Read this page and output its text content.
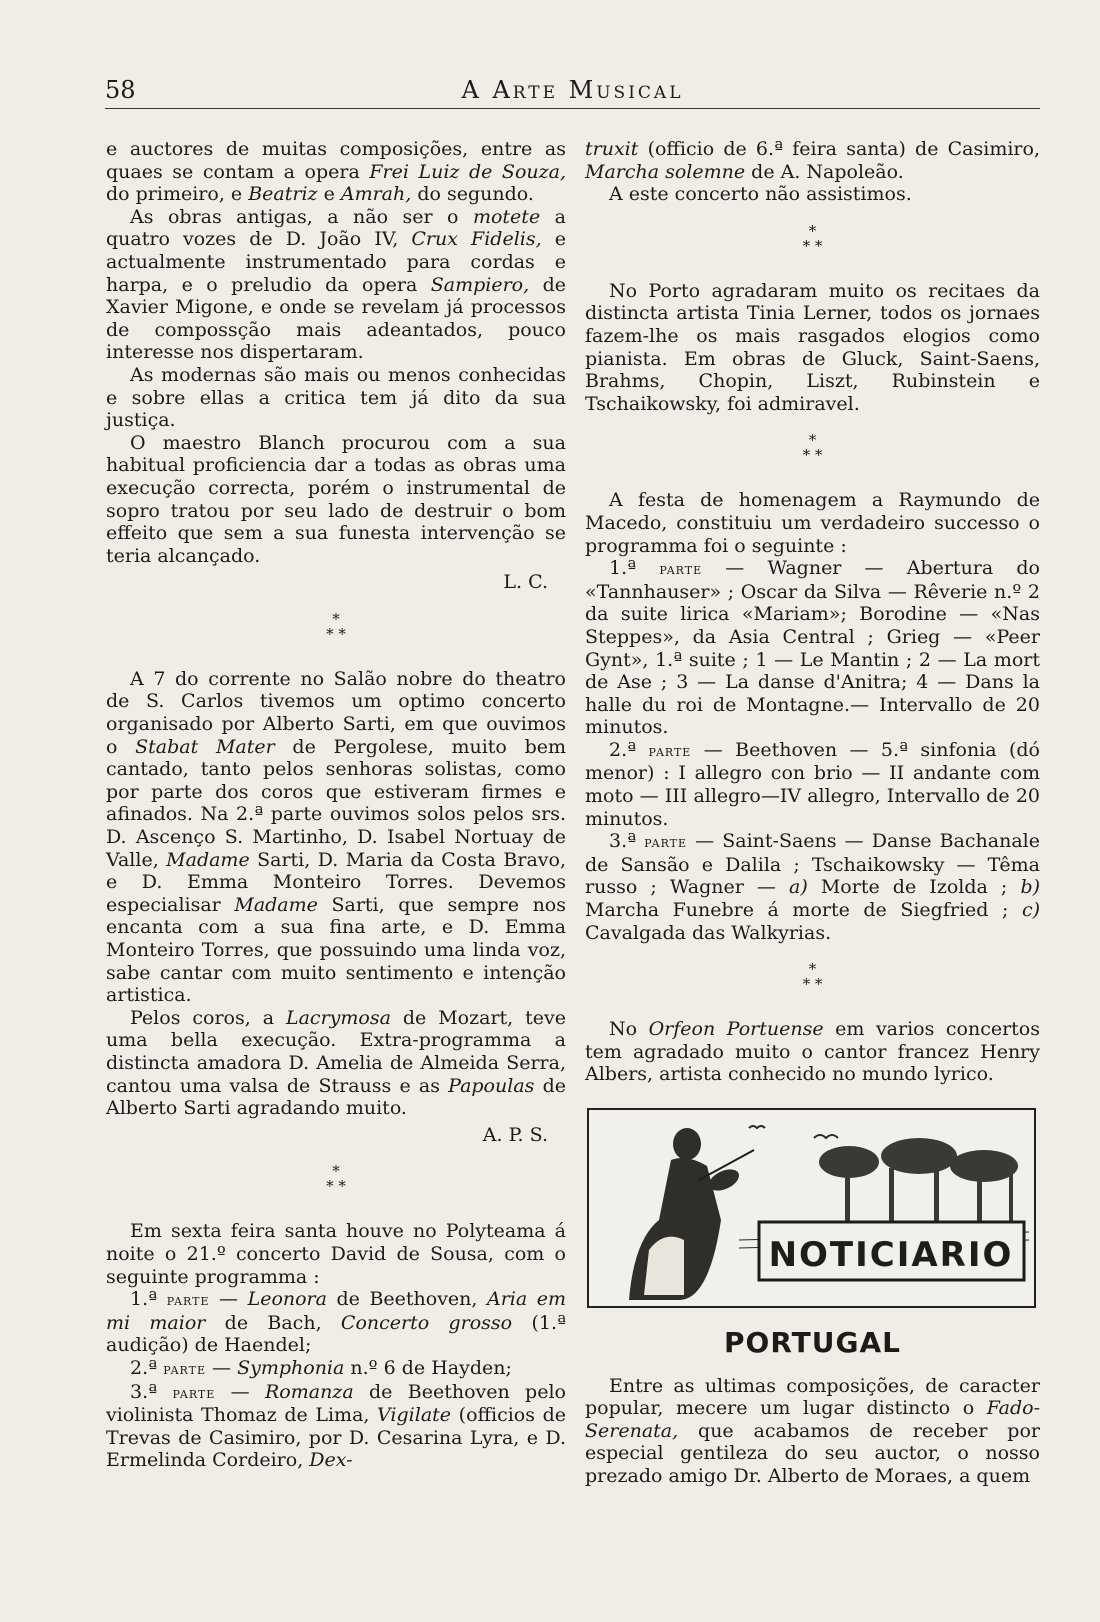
58	A Arte Musical

e auctores de muitas composições, entre as quaes se contam a opera Frei Luiz de Souza, do primeiro, e Beatriz e Amrah, do segundo.

As obras antigas, a não ser o motete a quatro vozes de D. João IV, Crux Fidelis, e actualmente instrumentado para cordas e harpa, e o preludio da opera Sampiero, de Xavier Migone, e onde se revelam já processos de compossção mais adeantados, pouco interesse nos dispertaram.

As modernas são mais ou menos conhecidas e sobre ellas a critica tem já dito da sua justiça.

O maestro Blanch procurou com a sua habitual proficiencia dar a todas as obras uma execução correcta, porém o instrumental de sopro tratou por seu lado de destruir o bom effeito que sem a sua funesta intervenção se teria alcançado.

L. C.

*
* *

A 7 do corrente no Salão nobre do theatro de S. Carlos tivemos um optimo concerto organisado por Alberto Sarti, em que ouvimos o Stabat Mater de Pergolese, muito bem cantado, tanto pelos senhoras solistas, como por parte dos coros que estiveram firmes e afinados. Na 2.ª parte ouvimos solos pelos srs. D. Ascenço S. Martinho, D. Isabel Nortuay de Valle, Madame Sarti, D. Maria da Costa Bravo, e D. Emma Monteiro Torres. Devemos especialisar Madame Sarti, que sempre nos encanta com a sua fina arte, e D. Emma Monteiro Torres, que possuindo uma linda voz, sabe cantar com muito sentimento e intenção artistica.

Pelos coros, a Lacrymosa de Mozart, teve uma bella execução. Extra-programma a distincta amadora D. Amelia de Almeida Serra, cantou uma valsa de Strauss e as Papoulas de Alberto Sarti agradando muito.

A. P. S.

*
* *

Em sexta feira santa houve no Polyteama á noite o 21.º concerto David de Sousa, com o seguinte programma :

1.ª parte — Leonora de Beethoven, Aria em mi maior de Bach, Concerto grosso (1.ª audição) de Haendel;

2.ª parte — Symphonia n.º 6 de Hayden;

3.ª parte — Romanza de Beethoven pelo violinista Thomaz de Lima, Vigilate (officios de Trevas de Casimiro, por D. Cesarina Lyra, e D. Ermelinda Cordeiro, Dex-

truxit (officio de 6.ª feira santa) de Casimiro, Marcha solemne de A. Napoleão.

A este concerto não assistimos.

*
* *

No Porto agradaram muito os recitaes da distincta artista Tinia Lerner, todos os jornaes fazem-lhe os mais rasgados elogios como pianista. Em obras de Gluck, Saint-Saens, Brahms, Chopin, Liszt, Rubinstein e Tschaikowsky, foi admiravel.

*
* *

A festa de homenagem a Raymundo de Macedo, constituiu um verdadeiro successo o programma foi o seguinte :

1.ª parte — Wagner — Abertura do «Tannhauser» ; Oscar da Silva — Rêverie n.º 2 da suite lirica «Mariam»; Borodine — «Nas Steppes», da Asia Central ; Grieg — «Peer Gynt», 1.ª suite ; 1 — Le Mantin ; 2 — La mort de Ase ; 3 — La danse d'Anitra; 4 — Dans la halle du roi de Montagne.— Intervallo de 20 minutos.

2.ª parte — Beethoven — 5.ª sinfonia (dó menor) : I allegro con brio — II andante com moto — III allegro—IV allegro, Intervallo de 20 minutos.

3.ª parte — Saint-Saens — Danse Bachanale de Sansão e Dalila ; Tschaikowsky — Têma russo ; Wagner — a) Morte de Izolda ; b) Marcha Funebre á morte de Siegfried ; c) Cavalgada das Walkyrias.

*
* *

No Orfeon Portuense em varios concertos tem agradado muito o cantor francez Henry Albers, artista conhecido no mundo lyrico.

NOTICIARIO
PORTUGAL

Entre as ultimas composições, de caracter popular, mecere um lugar distincto o Fado-Serenata, que acabamos de receber por especial gentileza do seu auctor, o nosso prezado amigo Dr. Alberto de Moraes, a quem
